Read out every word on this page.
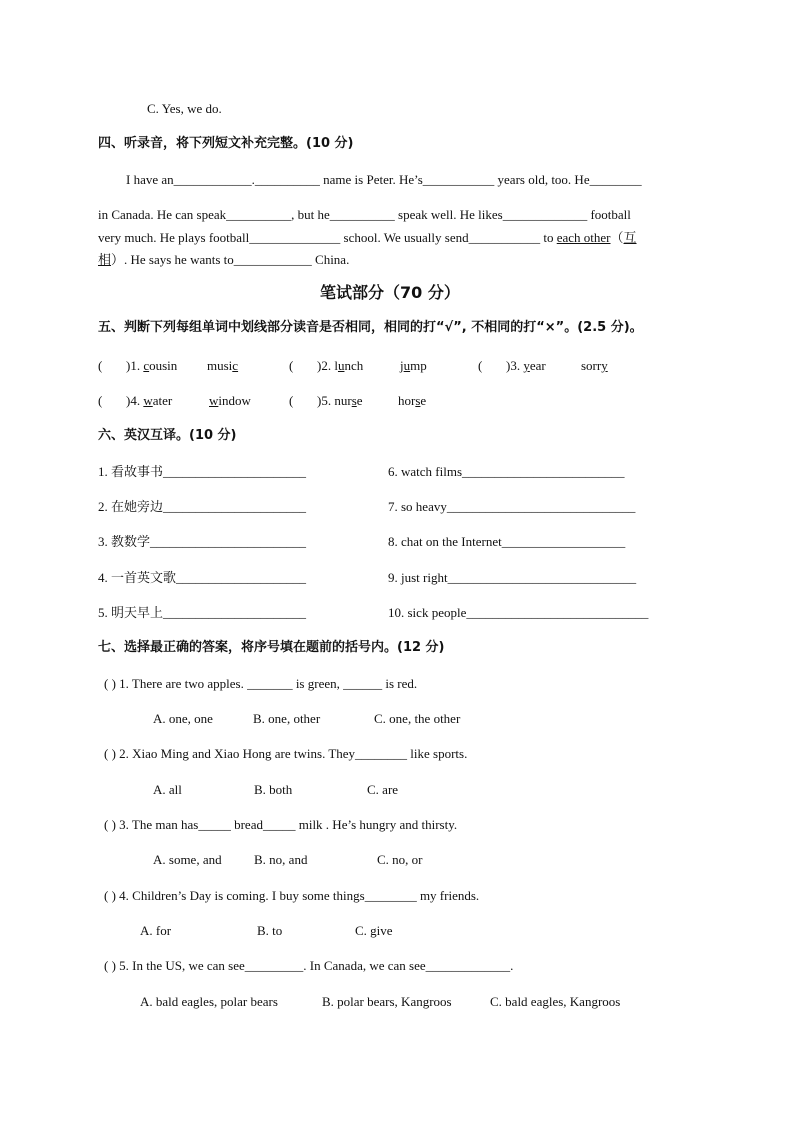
C. Yes, we do.
四、听录音，将下列短文补充完整。(10 分)
I have an____________.__________ name is Peter. He’s___________ years old, too. He________
in Canada. He can speak__________, but he__________ speak well. He likes_____________ football
very much. He plays football______________ school. We usually send___________ to each other（互
相）. He says he wants to____________ China.
笔试部分（70 分）
五、判断下列每组单词中划线部分读音是否相同，相同的打“√”, 不相同的打“×”。(2.5 分)。
( )1. cousin music	( )2. lunch	jump	( )3. year	sorry
( )4. water	window	( )5. nurse	horse
六、英汉互译。(10 分)
1. 看故事书______________________	6. watch films_________________________
2. 在她旁边______________________	7. so heavy_____________________________
3. 教数学________________________	8. chat on the Internet___________________
4. 一首英文歌____________________	9. just right_____________________________
5. 明天早上______________________	10. sick people____________________________
七、选择最正确的答案，将序号填在题前的括号内。(12 分)
( ) 1. There are two apples. _______ is green, ______ is red.
A. one, one	B. one, other	C. one, the other
( ) 2. Xiao Ming and Xiao Hong are twins. They________ like sports.
A. all	B. both	C. are
( ) 3. The man has_____ bread_____ milk . He’s hungry and thirsty.
A. some, and B. no, and	C. no, or
( ) 4. Children’s Day is coming. I buy some things________ my friends.
A. for	B. to	C. give
( ) 5. In the US, we can see_________. In Canada, we can see_____________.
A. bald eagles, polar bears	B. polar bears, Kangroos	C. bald eagles, Kangroos
